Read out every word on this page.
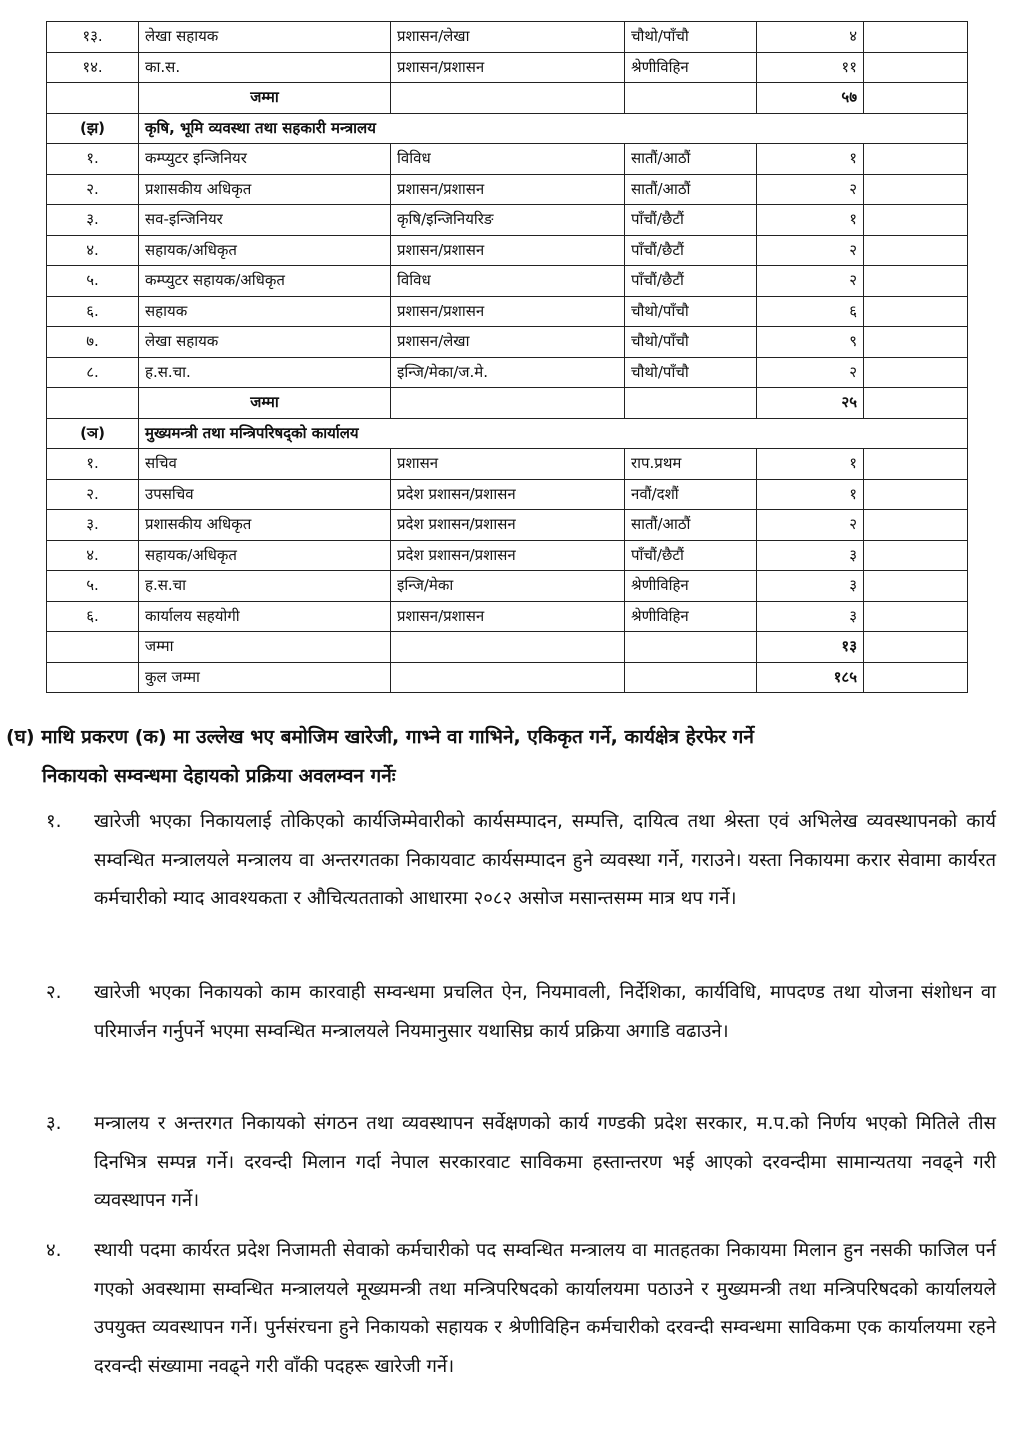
१३.	लेखा सहायक	प्रशासन/लेखा	चौथो/पाँचौ	४	
१४.	का.स.	प्रशासन/प्रशासन	श्रेणीविहिन	११	
	जम्मा			५७	
(झ)	कृषि, भूमि व्यवस्था तथा सहकारी मन्त्रालय				
१.	कम्प्युटर इन्जिनियर	विविध	सातौं/आठौं	१	
२.	प्रशासकीय अधिकृत	प्रशासन/प्रशासन	सातौं/आठौं	२	
३.	सव-इन्जिनियर	कृषि/इन्जिनियरिङ	पाँचौं/छैटौं	१	
४.	सहायक/अधिकृत	प्रशासन/प्रशासन	पाँचौं/छैटौं	२	
५.	कम्प्युटर सहायक/अधिकृत	विविध	पाँचौं/छैटौं	२	
६.	सहायक	प्रशासन/प्रशासन	चौथो/पाँचौ	६	
७.	लेखा सहायक	प्रशासन/लेखा	चौथो/पाँचौ	९	
८.	ह.स.चा.	इन्जि/मेका/ज.मे.	चौथो/पाँचौ	२	
	जम्मा			२५	
(ञ)	मुख्यमन्त्री तथा मन्त्रिपरिषद्को कार्यालय				
१.	सचिव	प्रशासन	राप.प्रथम	१	
२.	उपसचिव	प्रदेश प्रशासन/प्रशासन	नवौं/दशौं	१	
३.	प्रशासकीय अधिकृत	प्रदेश प्रशासन/प्रशासन	सातौं/आठौं	२	
४.	सहायक/अधिकृत	प्रदेश प्रशासन/प्रशासन	पाँचौं/छैटौं	३	
५.	ह.स.चा	इन्जि/मेका	श्रेणीविहिन	३	
६.	कार्यालय सहयोगी	प्रशासन/प्रशासन	श्रेणीविहिन	३	
	जम्मा			१३	
	कुल जम्मा			१८५	
(घ) माथि प्रकरण (क) मा उल्लेख भए बमोजिम खारेजी, गाभ्ने वा गाभिने, एकिकृत गर्ने, कार्यक्षेत्र हेरफेर गर्ने
निकायको सम्वन्धमा देहायको प्रक्रिया अवलम्वन गर्नेः
१.	खारेजी भएका निकायलाई तोकिएको कार्यजिम्मेवारीको कार्यसम्पादन, सम्पत्ति, दायित्व तथा श्रेस्ता एवं अभिलेख व्यवस्थापनको कार्य सम्वन्धित मन्त्रालयले मन्त्रालय वा अन्तरगतका निकायवाट कार्यसम्पादन हुने व्यवस्था गर्ने, गराउने। यस्ता निकायमा करार सेवामा कार्यरत कर्मचारीको म्याद आवश्यकता र औचित्यतताको आधारमा २०८२ असोज मसान्तसम्म मात्र थप गर्ने।
२.	खारेजी भएका निकायको काम कारवाही सम्वन्धमा प्रचलित ऐन, नियमावली, निर्देशिका, कार्यविधि, मापदण्ड तथा योजना संशोधन वा परिमार्जन गर्नुपर्ने भएमा सम्वन्धित मन्त्रालयले नियमानुसार यथासिघ्र कार्य प्रक्रिया अगाडि वढाउने।
३.	मन्त्रालय र अन्तरगत निकायको संगठन तथा व्यवस्थापन सर्वेक्षणको कार्य गण्डकी प्रदेश सरकार, म.प.को निर्णय भएको मितिले तीस दिनभित्र सम्पन्न गर्ने। दरवन्दी मिलान गर्दा नेपाल सरकारवाट साविकमा हस्तान्तरण भई आएको दरवन्दीमा सामान्यतया नवढ्ने गरी व्यवस्थापन गर्ने।
४.	स्थायी पदमा कार्यरत प्रदेश निजामती सेवाको कर्मचारीको पद सम्वन्धित मन्त्रालय वा मातहतका निकायमा मिलान हुन नसकी फाजिल पर्न गएको अवस्थामा सम्वन्धित मन्त्रालयले मूख्यमन्त्री तथा मन्त्रिपरिषदको कार्यालयमा पठाउने र मुख्यमन्त्री तथा मन्त्रिपरिषदको कार्यालयले उपयुक्त व्यवस्थापन गर्ने। पुर्नसंरचना हुने निकायको सहायक र श्रेणीविहिन कर्मचारीको दरवन्दी सम्वन्धमा साविकमा एक कार्यालयमा रहने दरवन्दी संख्यामा नवढ्ने गरी वाँकी पदहरू खारेजी गर्ने।
